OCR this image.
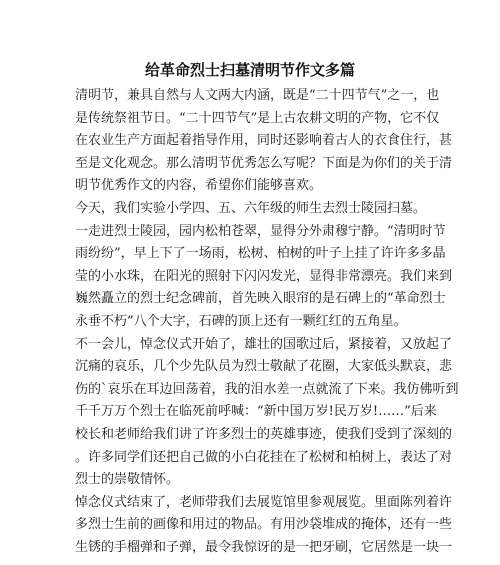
给革命烈士扫墓清明节作文多篇
清明节，兼具自然与人文两大内涵，既是“二十四节气”之一，也
是传统祭祖节日。“二十四节气”是上古农耕文明的产物，它不仅
在农业生产方面起着指导作用，同时还影响着古人的衣食住行，甚
至是文化观念。那么清明节优秀怎么写呢？下面是为你们的关于清
明节优秀作文的内容，希望你们能够喜欢。
今天，我们实验小学四、五、六年级的师生去烈士陵园扫墓。
一走进烈士陵园，园内松柏苍翠，显得分外肃穆宁静。“清明时节
雨纷纷”，早上下了一场雨，松树、柏树的叶子上挂了许许多多晶
莹的小水珠，在阳光的照射下闪闪发光，显得非常漂亮。我们来到
巍然矗立的烈士纪念碑前，首先映入眼帘的是石碑上的“革命烈士
永垂不朽”八个大字，石碑的顶上还有一颗红红的五角星。
不一会儿，悼念仪式开始了，雄壮的国歌过后，紧接着，又放起了
沉痛的哀乐，几个少先队员为烈士敬献了花圈，大家低头默哀，悲
伤的`哀乐在耳边回荡着，我的泪水差一点就流了下来。我仿佛听到
千千万万个烈士在临死前呼喊：“新中国万岁!民万岁!……”后来
校长和老师给我们讲了许多烈士的英雄事迹，使我们受到了深刻的
。许多同学们还把自己做的小白花挂在了松树和柏树上，表达了对
烈士的崇敬情怀。
悼念仪式结束了，老师带我们去展览馆里参观展览。里面陈列着许
多烈士生前的画像和用过的物品。有用沙袋堆成的掩体，还有一些
生锈的手榴弹和子弹，最令我惊讶的是一把牙刷，它居然是一块一
